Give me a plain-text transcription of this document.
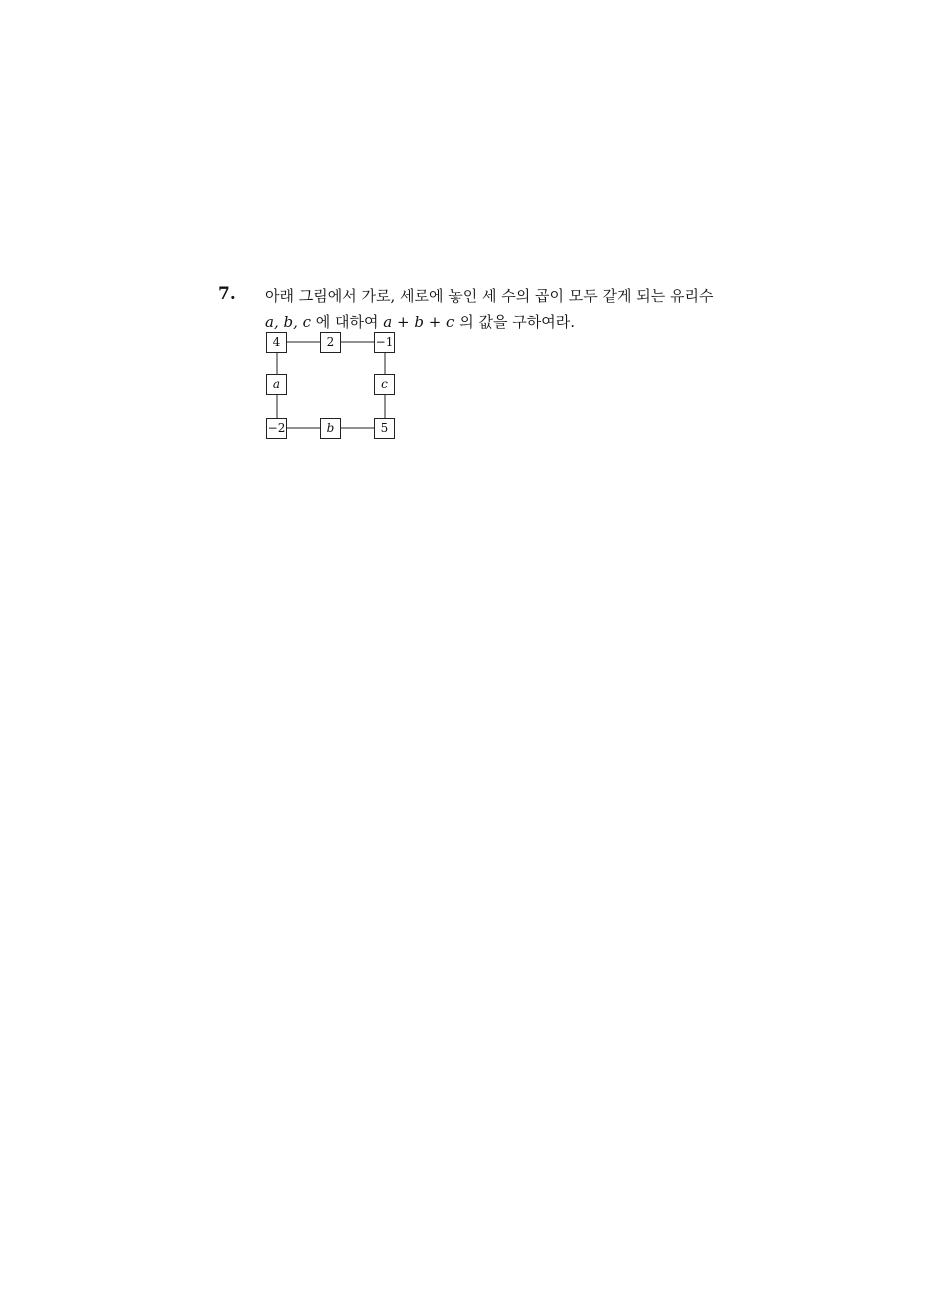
7. 아래 그림에서 가로, 세로에 놓인 세 수의 곱이 모두 같게 되는 유리수
a, b, c 에 대하여 a + b + c 의 값을 구하여라.
4	2	−1
a	c
−2	b	5
